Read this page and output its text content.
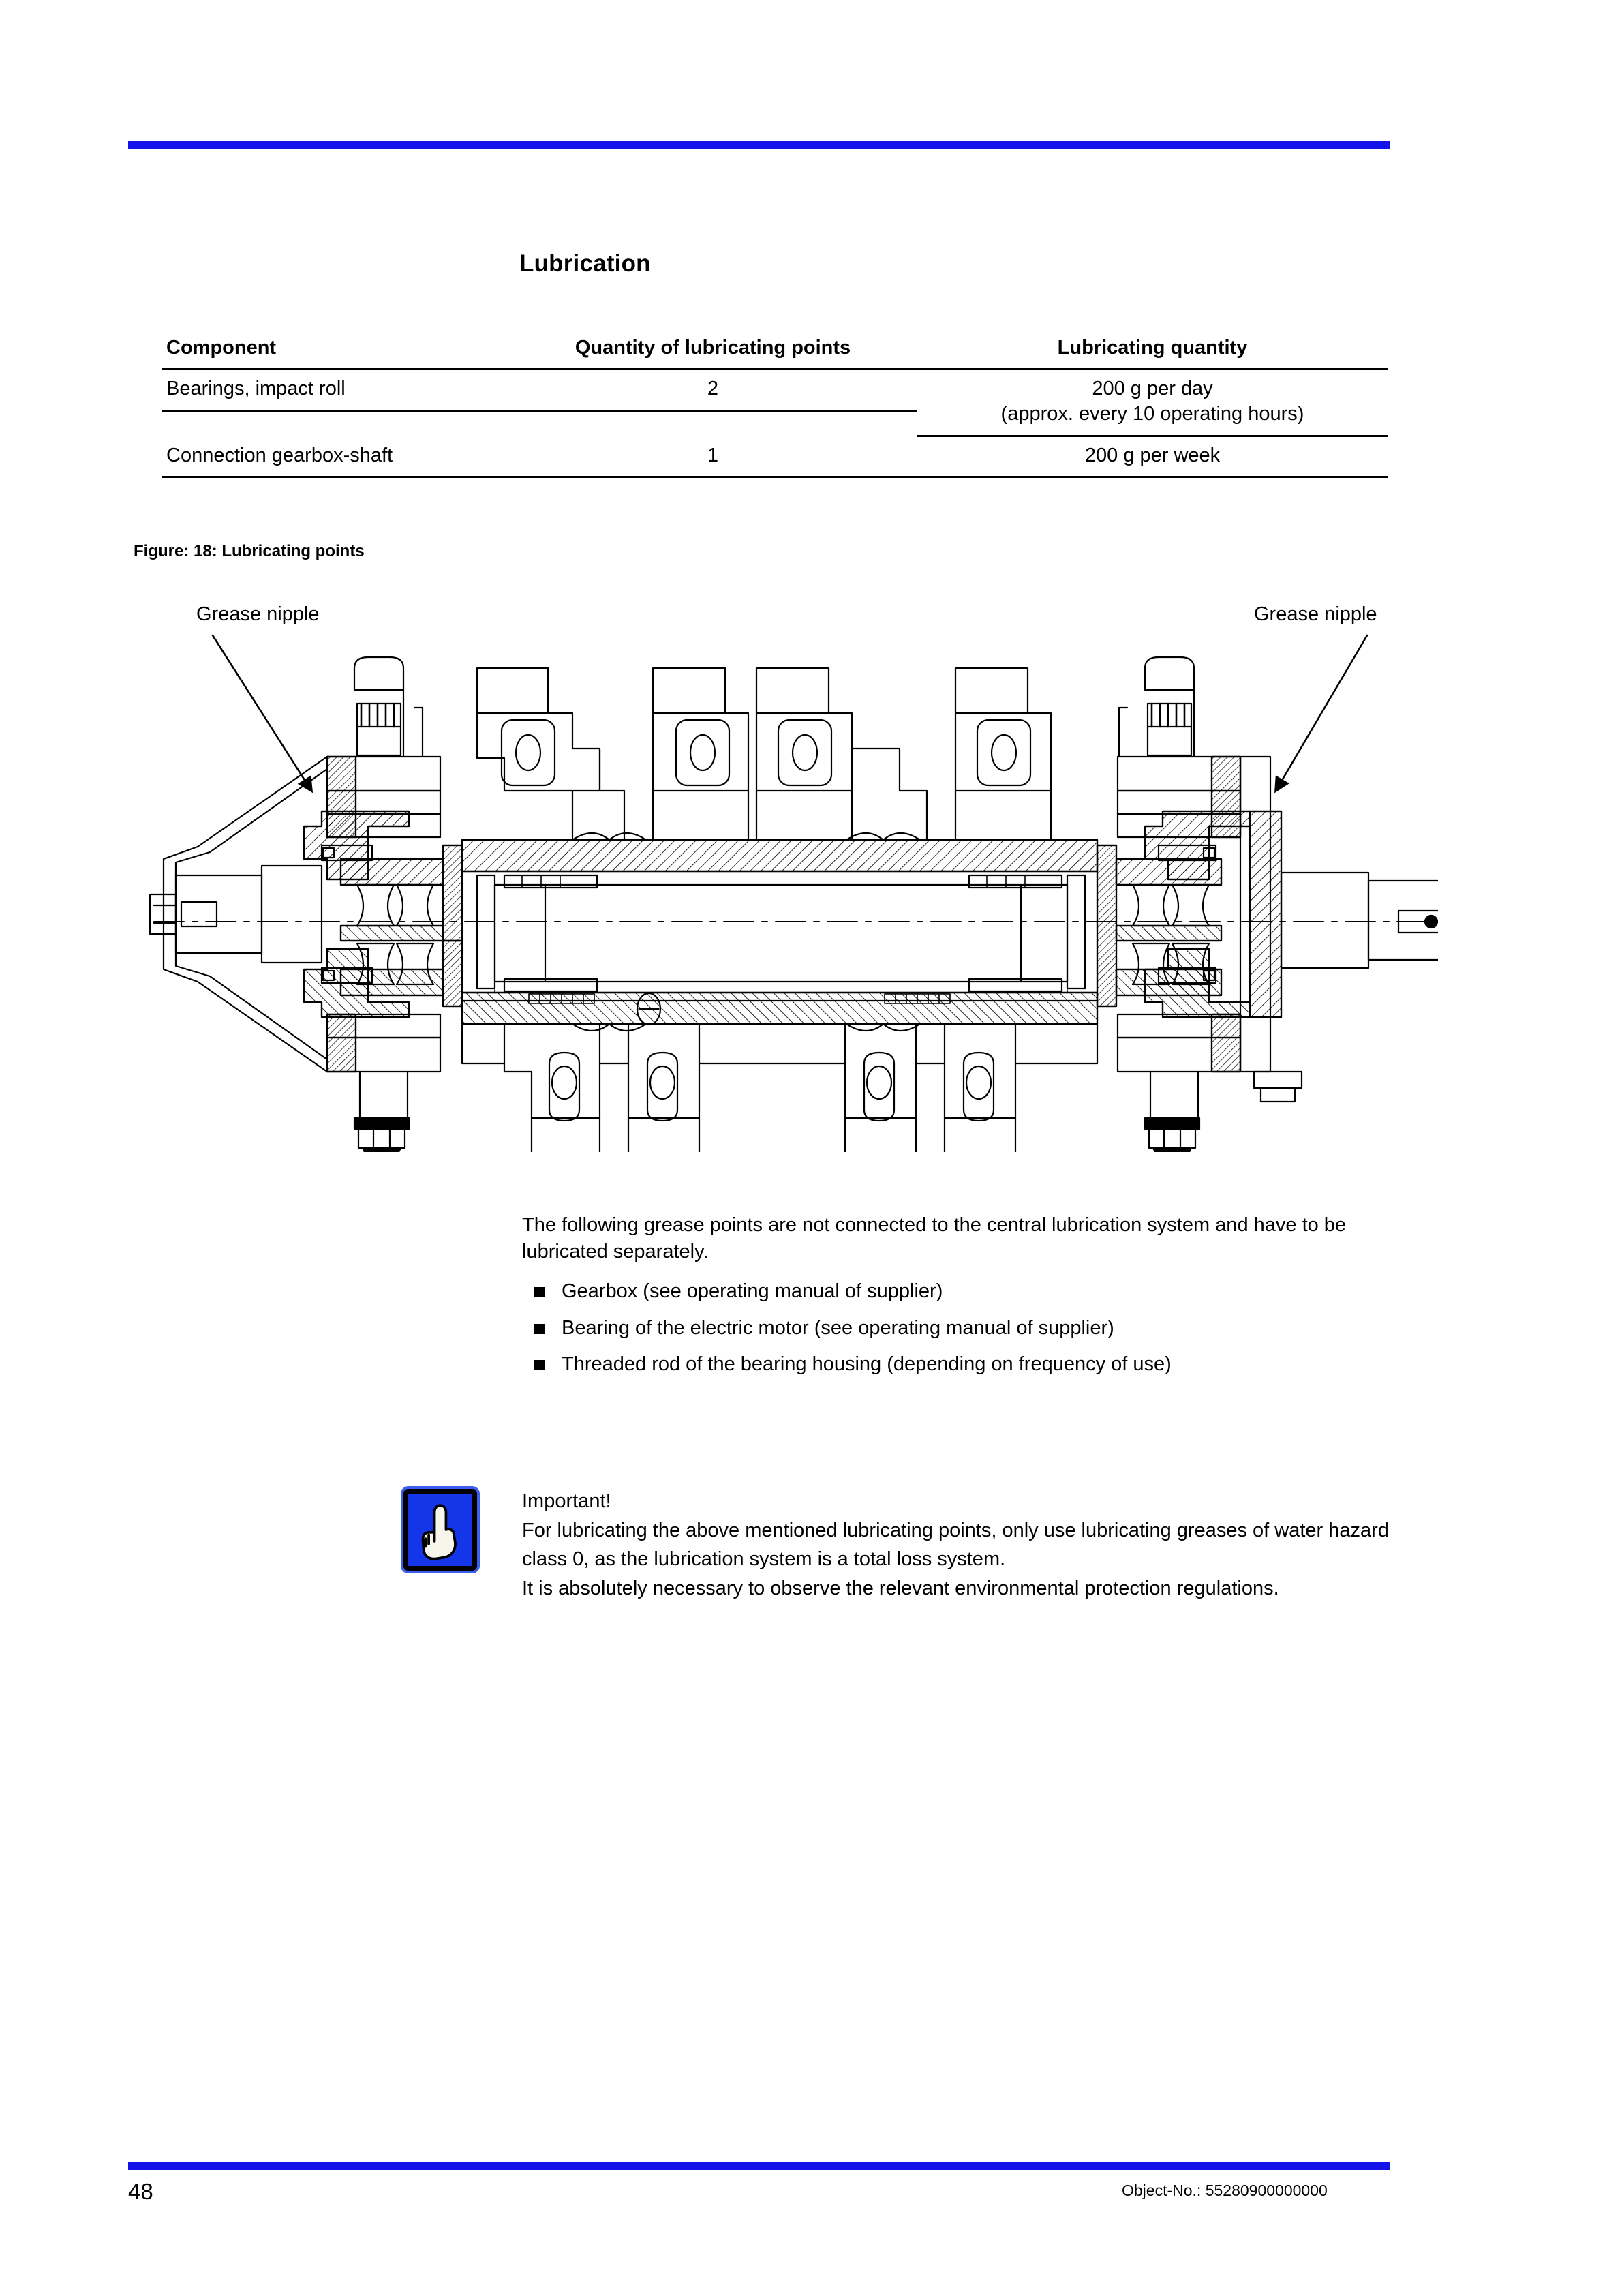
Lubrication
Component	Quantity of lubricating points	Lubricating quantity

Bearings, impact roll	2	200 g per day
(approx. every 10 operating hours)

Connection gearbox-shaft	1	200 g per week
Figure: 18: Lubricating points
Grease nipple	Grease nipple

The following grease points are not connected to the central lubrication system and have to be lubricated separately.

Gearbox (see operating manual of supplier)
Bearing of the electric motor (see operating manual of supplier)
Threaded rod of the bearing housing (depending on frequency of use)

Important!

For lubricating the above mentioned lubricating points, only use lubricating greases of water hazard class 0, as the lubrication system is a total loss system.

It is absolutely necessary to observe the relevant environmental protection regulations.

48	Object-No.: 55280900000000
